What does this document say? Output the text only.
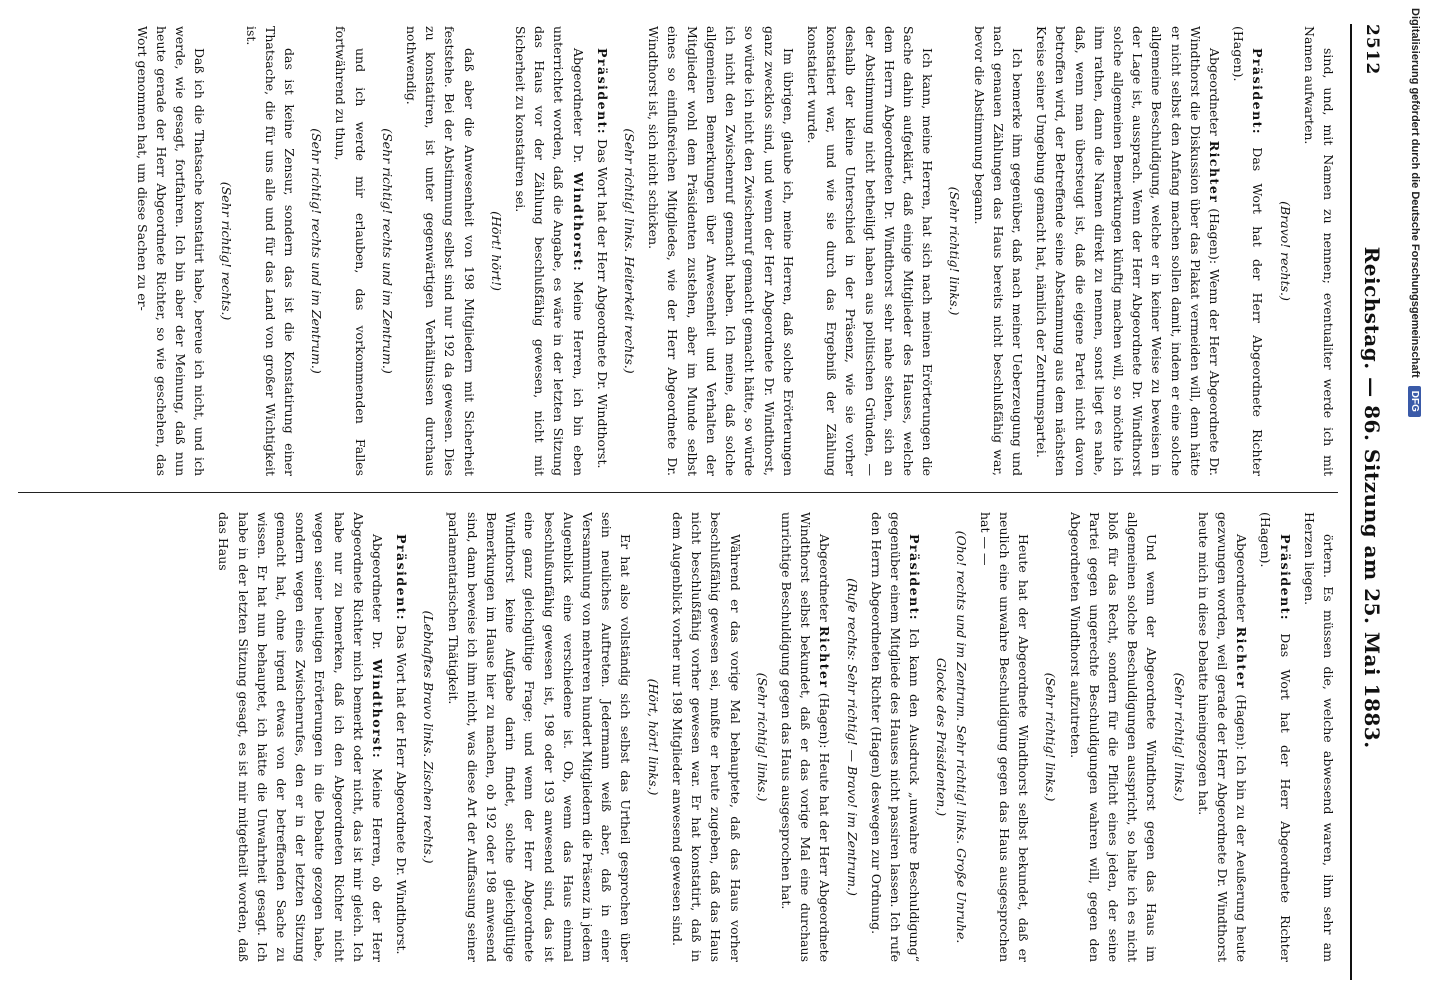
2512
Reichstag. — 86. Sitzung am 25. Mai 1883.

sind, und, mit Namen zu nennen; eventualiter werde ich mit Namen aufwarten.

(Bravo! rechts.)

Präsident: Das Wort hat der Herr Abgeordnete Richter (Hagen).

Abgeordneter Richter (Hagen): Wenn der Herr Abgeordnete Dr. Windthorst die Diskussion über das Plakat vermeiden will, denn hätte er nicht selbst den Anfang machen sollen damit, indem er eine solche allgemeine Beschuldigung, welche er in keiner Weise zu beweisen in der Lage ist, aussprach. Wenn der Herr Abgeordnete Dr. Windthorst solche allgemeinen Bemerkungen künftig machen will, so möchte ich ihm rathen, dann die Namen direkt zu nennen, sonst liegt es nahe, daß, wenn man übersteugt ist, daß die eigene Partei nicht davon betroffen wird, der Betreffende seine Abstammung aus dem nächsten Kreise seiner Umgebung gemacht hat, nämlich der Zentrumspartei.

Ich bemerke ihm gegenüber, daß nach meiner Ueberzeugung und nach genauen Zählungen das Haus bereits nicht beschlußfähig war, bevor die Abstimmung begann.

(Sehr richtig! links.)

Ich kann, meine Herren, hat sich nach meinen Erörterungen die Sache dahin aufgeklärt, daß einige Mitglieder des Hauses, welche dem Herrn Abgeordneten Dr. Windthorst sehr nahe stehen, sich an der Abstimmung nicht betheiligt haben aus politischen Gründen, — deshalb der kleine Unterschied in der Präsenz, wie sie vorher konstatiert war, und wie sie durch das Ergebniß der Zählung konstatiert wurde.

Im übrigen, glaube ich, meine Herren, daß solche Erörterungen ganz zwecklos sind, und wenn der Herr Abgeordnete Dr. Windthorst, so würde ich nicht den Zwischenruf gemacht gemacht hätte, so würde ich nicht den Zwischenruf gemacht haben. Ich meine, daß solche allgemeinen Bemerkungen über Anwesenheit und Verhalten der Mitglieder wohl dem Präsidenten zustehen, aber im Munde selbst eines so einflußreichen Mitgliedes, wie der Herr Abgeordnete Dr. Windthorst ist, sich nicht schicken.

(Sehr richtig! links. Heiterkeit rechts.)

Präsident: Das Wort hat der Herr Abgeordnete Dr. Windthorst.

Abgeordneter Dr. Windthorst: Meine Herren, ich bin eben unterrichtet worden, daß die Angabe, es wäre in der letzten Sitzung das Haus vor der Zählung beschlußfähig gewesen, nicht mit Sicherheit zu konstatiren sei.

(Hört! hört!)

daß aber die Anwesenheit von 198 Mitgliedern mit Sicherheit feststehe. Bei der Abstimmung selbst sind nur 192 da gewesen. Dies zu konstatiren, ist unter gegenwärtigen Verhältnissen durchaus nothwendig.

(Sehr richtig! rechts und im Zentrum.)

und ich werde mir erlauben, das vorkommenden Falles fortwährend zu thun,

(Sehr richtig! rechts und im Zentrum.)

das ist keine Zensur, sondern das ist die Konstatirung einer Thatsache, die für uns alle und für das Land von großer Wichtigkeit ist.

(Sehr richtig! rechts.)

Daß ich die Thatsache konstatirt habe, bereue ich nicht, und ich werde, wie gesagt, fortfahren. Ich bin aber der Meinung, daß nun heute gerade der Herr Abgeordnete Richter, so wie geschehen, das Wort genommen hat, um diese Sachen zu er-

örtern. Es müssen die, welche abwesend waren, ihm sehr am Herzen liegen.

Präsident: Das Wort hat der Herr Abgeordnete Richter (Hagen).

Abgeordneter Richter (Hagen): Ich bin zu der Aeußerung heute gezwungen worden, weil gerade der Herr Abgeordnete Dr. Windthorst heute mich in diese Debatte hineingezogen hat.

(Sehr richtig! links.)

Und wenn der Abgeordnete Windthorst gegen das Haus im allgemeinen solche Beschuldigungen ausspricht, so halte ich es nicht bloß für das Recht, sondern für die Pflicht eines jeden, der seine Partei gegen ungerechte Beschuldigungen wahren will, gegen den Abgeordneten Windthorst aufzutreten.

(Sehr richtig! links.)

Heute hat der Abgeordnete Windthorst selbst bekundet, daß er neulich eine unwahre Beschuldigung gegen das Haus ausgesprochen hat — —

(Oho! rechts und im Zentrum. Sehr richtig! links. Große Unruhe. Glocke des Präsidenten.)

Präsident: Ich kann den Ausdruck „unwahre Beschuldigung“ gegenüber einem Mitgliede des Hauses nicht passiren lassen. Ich rufe den Herrn Abgeordneten Richter (Hagen) deswegen zur Ordnung.

(Rufe rechts: Sehr richtig! — Bravo! im Zentrum.)

Abgeordneter Richter (Hagen): Heute hat der Herr Abgeordnete Windthorst selbst bekundet, daß er das vorige Mal eine durchaus unrichtige Beschuldigung gegen das Haus ausgesprochen hat.

(Sehr richtig! links.)

Während er das vorige Mal behauptete, daß das Haus vorher beschlußfähig gewesen sei, mußte er heute zugeben, daß das Haus nicht beschlußfähig vorher gewesen war. Er hat konstatirt, daß in dem Augenblick vorher nur 198 Mitglieder anwesend gewesen sind.

(Hört, hört! links.)

Er hat also vollständig sich selbst das Urtheil gesprochen über sein neuliches Auftreten. Jedermann weiß aber, daß in einer Versammlung von mehreren hundert Mitgliedern die Präsenz in jedem Augenblick eine verschiedene ist. Ob, wenn das Haus einmal beschlußunfähig gewesen ist, 198 oder 193 anwesend sind, das ist eine ganz gleichgültige Frage; und wenn der Herr Abgeordnete Windthorst keine Aufgabe darin findet, solche gleichgültige Bemerkungen im Hause hier zu machen, ob 192 oder 198 anwesend sind, dann beweise ich ihm nicht, was diese Art der Auffassung seiner parlamentarischen Thätigkeit.

(Lebhaftes Bravo links. Zischen rechts.)

Präsident: Das Wort hat der Herr Abgeordnete Dr. Windthorst.

Abgeordneter Dr. Windthorst: Meine Herren, ob der Herr Abgeordnete Richter mich bemerkt oder nicht, das ist mir gleich. Ich habe nur zu bemerken, daß ich den Abgeordneten Richter nicht wegen seiner heutigen Erörterungen in die Debatte gezogen habe, sondern wegen eines Zwischenrufes, den er in der letzten Sitzung gemacht hat, ohne irgend etwas von der betreffenden Sache zu wissen. Er hat nun behauptet, ich hätte die Unwahrheit gesagt. Ich habe in der letzten Sitzung gesagt, es ist mir mitgetheilt worden, daß das Haus

Digitalisierung gefördert durch die Deutsche Forschungsgemeinschaft
DFG
